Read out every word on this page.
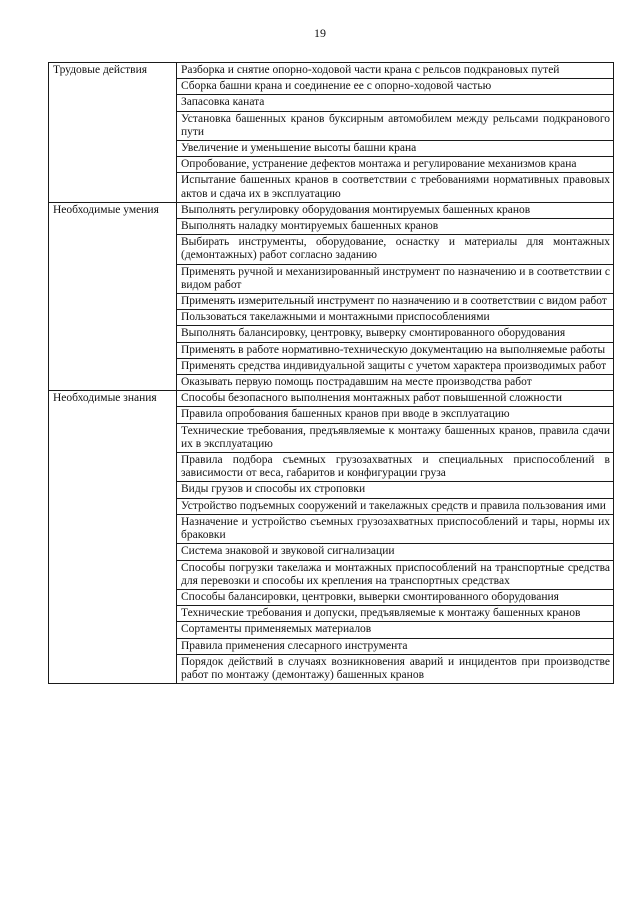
19
Трудовые действия	Разборка и снятие опорно-ходовой части крана с рельсов подкрановых путей
	Сборка башни крана и соединение ее с опорно-ходовой частью
	Запасовка каната
	Установка башенных кранов буксирным автомобилем между рельсами подкранового пути
	Увеличение и уменьшение высоты башни крана
	Опробование, устранение дефектов монтажа и регулирование механизмов крана
	Испытание башенных кранов в соответствии с требованиями нормативных правовых актов и сдача их в эксплуатацию
Необходимые умения	Выполнять регулировку оборудования монтируемых башенных кранов
	Выполнять наладку монтируемых башенных кранов
	Выбирать инструменты, оборудование, оснастку и материалы для монтажных (демонтажных) работ согласно заданию
	Применять ручной и механизированный инструмент по назначению и в соответствии с видом работ
	Применять измерительный инструмент по назначению и в соответствии с видом работ
	Пользоваться такелажными и монтажными приспособлениями
	Выполнять балансировку, центровку, выверку смонтированного оборудования
	Применять в работе нормативно-техническую документацию на выполняемые работы
	Применять средства индивидуальной защиты с учетом характера производимых работ
	Оказывать первую помощь пострадавшим на месте производства работ
Необходимые знания	Способы безопасного выполнения монтажных работ повышенной сложности
	Правила опробования башенных кранов при вводе в эксплуатацию
	Технические требования, предъявляемые к монтажу башенных кранов, правила сдачи их в эксплуатацию
	Правила подбора съемных грузозахватных и специальных приспособлений в зависимости от веса, габаритов и конфигурации груза
	Виды грузов и способы их строповки
	Устройство подъемных сооружений и такелажных средств и правила пользования ими
	Назначение и устройство съемных грузозахватных приспособлений и тары, нормы их браковки
	Система знаковой и звуковой сигнализации
	Способы погрузки такелажа и монтажных приспособлений на транспортные средства для перевозки и способы их крепления на транспортных средствах
	Способы балансировки, центровки, выверки смонтированного оборудования
	Технические требования и допуски, предъявляемые к монтажу башенных кранов
	Сортаменты применяемых материалов
	Правила применения слесарного инструмента
	Порядок действий в случаях возникновения аварий и инцидентов при производстве работ по монтажу (демонтажу) башенных кранов
